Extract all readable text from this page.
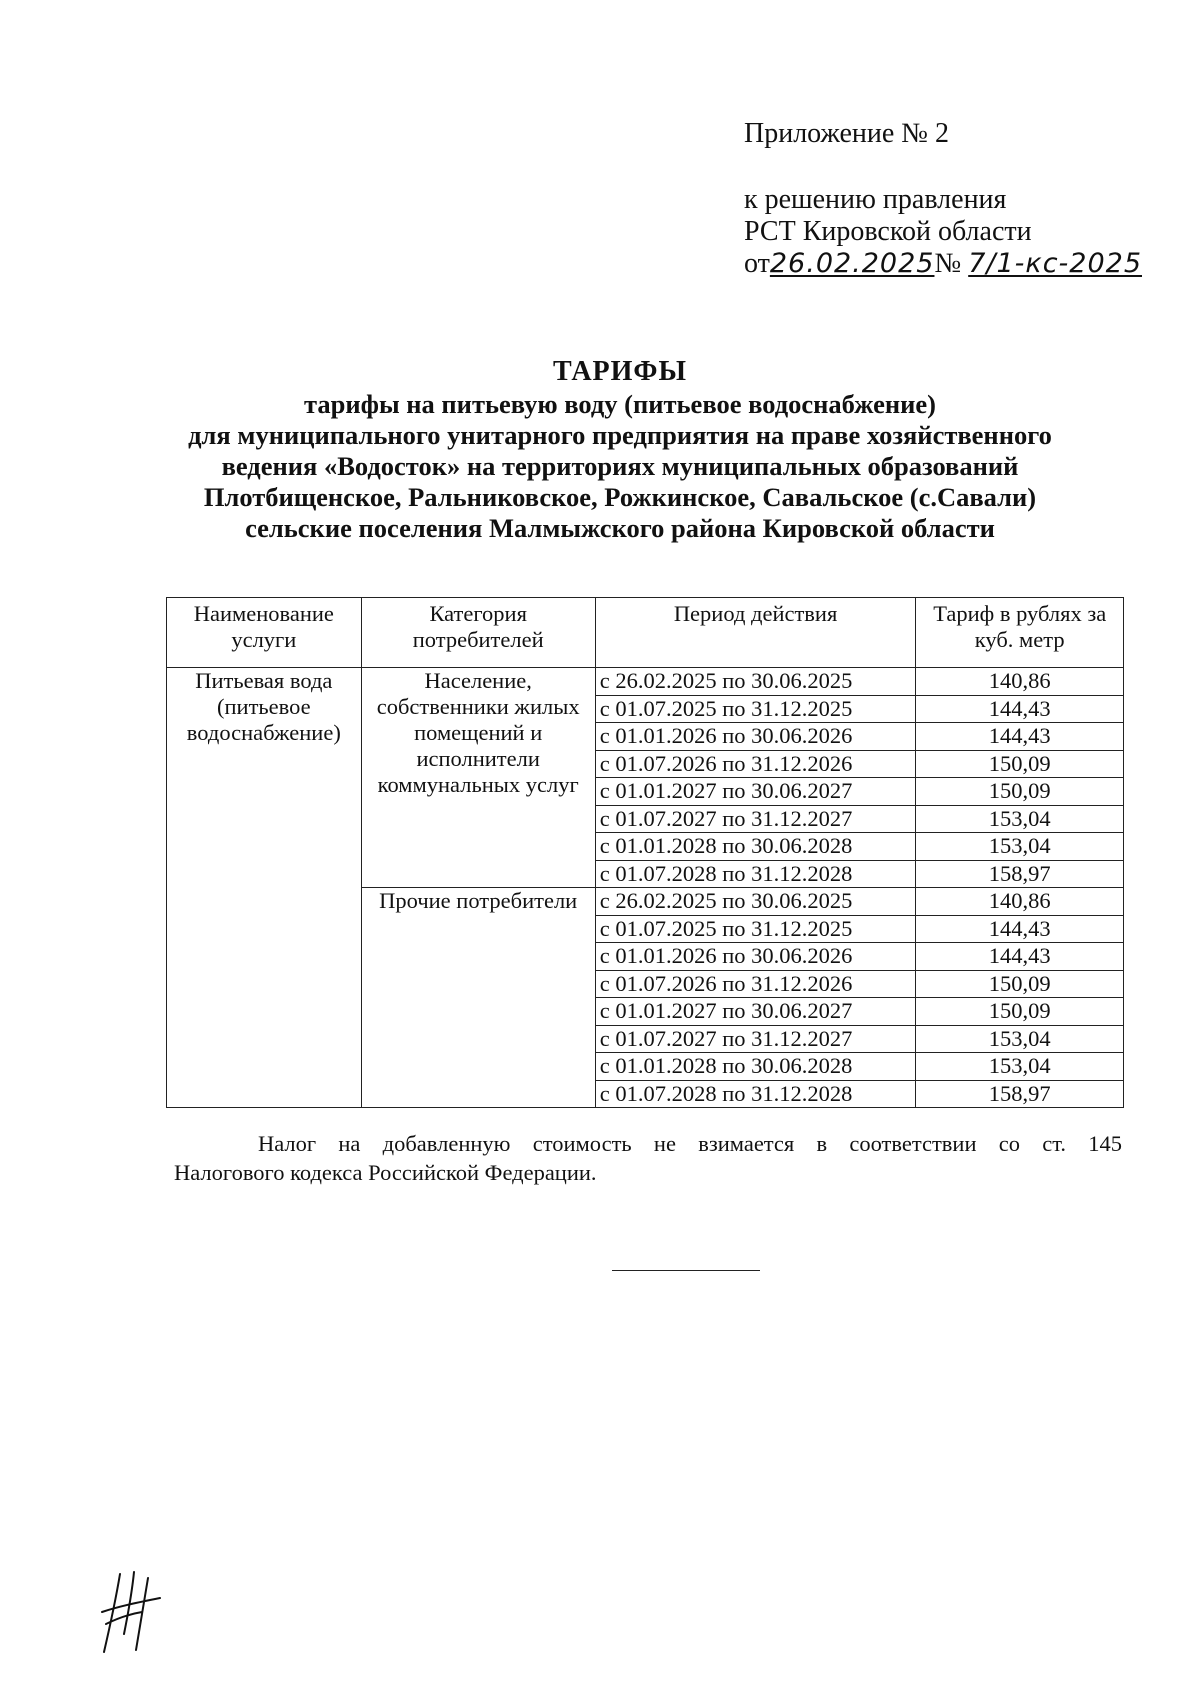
Приложение № 2
к решению правления
РСТ Кировской области
от26.02.2025№ 7/1-кс-2025
ТАРИФЫ
тарифы на питьевую воду (питьевое водоснабжение)
для муниципального унитарного предприятия на праве хозяйственного
ведения «Водосток» на территориях муниципальных образований
Плотбищенское, Ральниковское, Рожкинское, Савальское (с.Савали)
сельские поселения Малмыжского района Кировской области
Наименование услуги	Категория потребителей	Период действия	Тариф в рублях за куб. метр
Питьевая вода (питьевое водоснабжение)	Население, собственники жилых помещений и исполнители коммунальных услуг	с 26.02.2025 по 30.06.2025	140,86
		с 01.07.2025 по 31.12.2025	144,43
		с 01.01.2026 по 30.06.2026	144,43
		с 01.07.2026 по 31.12.2026	150,09
		с 01.01.2027 по 30.06.2027	150,09
		с 01.07.2027 по 31.12.2027	153,04
		с 01.01.2028 по 30.06.2028	153,04
		с 01.07.2028 по 31.12.2028	158,97
	Прочие потребители	с 26.02.2025 по 30.06.2025	140,86
		с 01.07.2025 по 31.12.2025	144,43
		с 01.01.2026 по 30.06.2026	144,43
		с 01.07.2026 по 31.12.2026	150,09
		с 01.01.2027 по 30.06.2027	150,09
		с 01.07.2027 по 31.12.2027	153,04
		с 01.01.2028 по 30.06.2028	153,04
		с 01.07.2028 по 31.12.2028	158,97
Налог на добавленную стоимость не взимается в соответствии со ст. 145
Налогового кодекса Российской Федерации.
